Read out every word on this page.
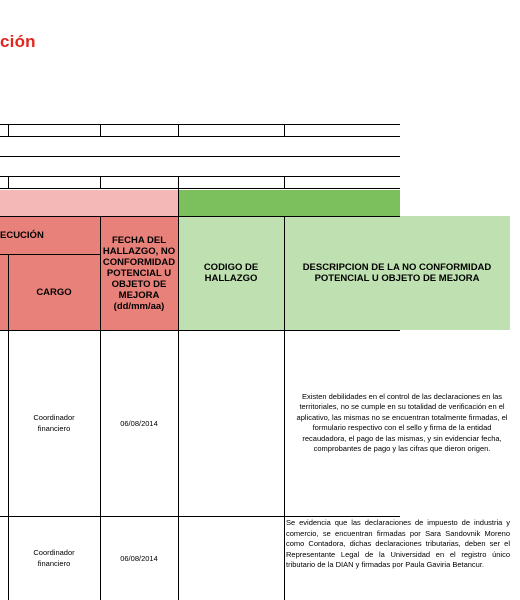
ción
ECUCIÓN
CARGO
FECHA DEL HALLAZGO, NO CONFORMIDAD POTENCIAL U OBJETO DE MEJORA (dd/mm/aa)
CODIGO DE HALLAZGO
DESCRIPCION DE LA NO CONFORMIDAD POTENCIAL U OBJETO DE MEJORA
Coordinador financiero
06/08/2014
Existen debilidades en el control de las declaraciones en las territoriales, no se cumple en su totalidad de verificación en el aplicativo, las mismas no se encuentran totalmente firmadas, el formulario respectivo con el sello y firma de la entidad recaudadora, el pago de las mismas, y sin evidenciar fecha, comprobantes de pago y las cifras que dieron origen.
Coordinador financiero
06/08/2014
Se evidencia que las declaraciones de impuesto de industria y comercio, se encuentran firmadas por Sara Sandovnik Moreno como Contadora, dichas declaraciones tributarias, deben ser el Representante Legal de la Universidad en el registro único tributario de la DIAN y firmadas por Paula Gaviria Betancur.
